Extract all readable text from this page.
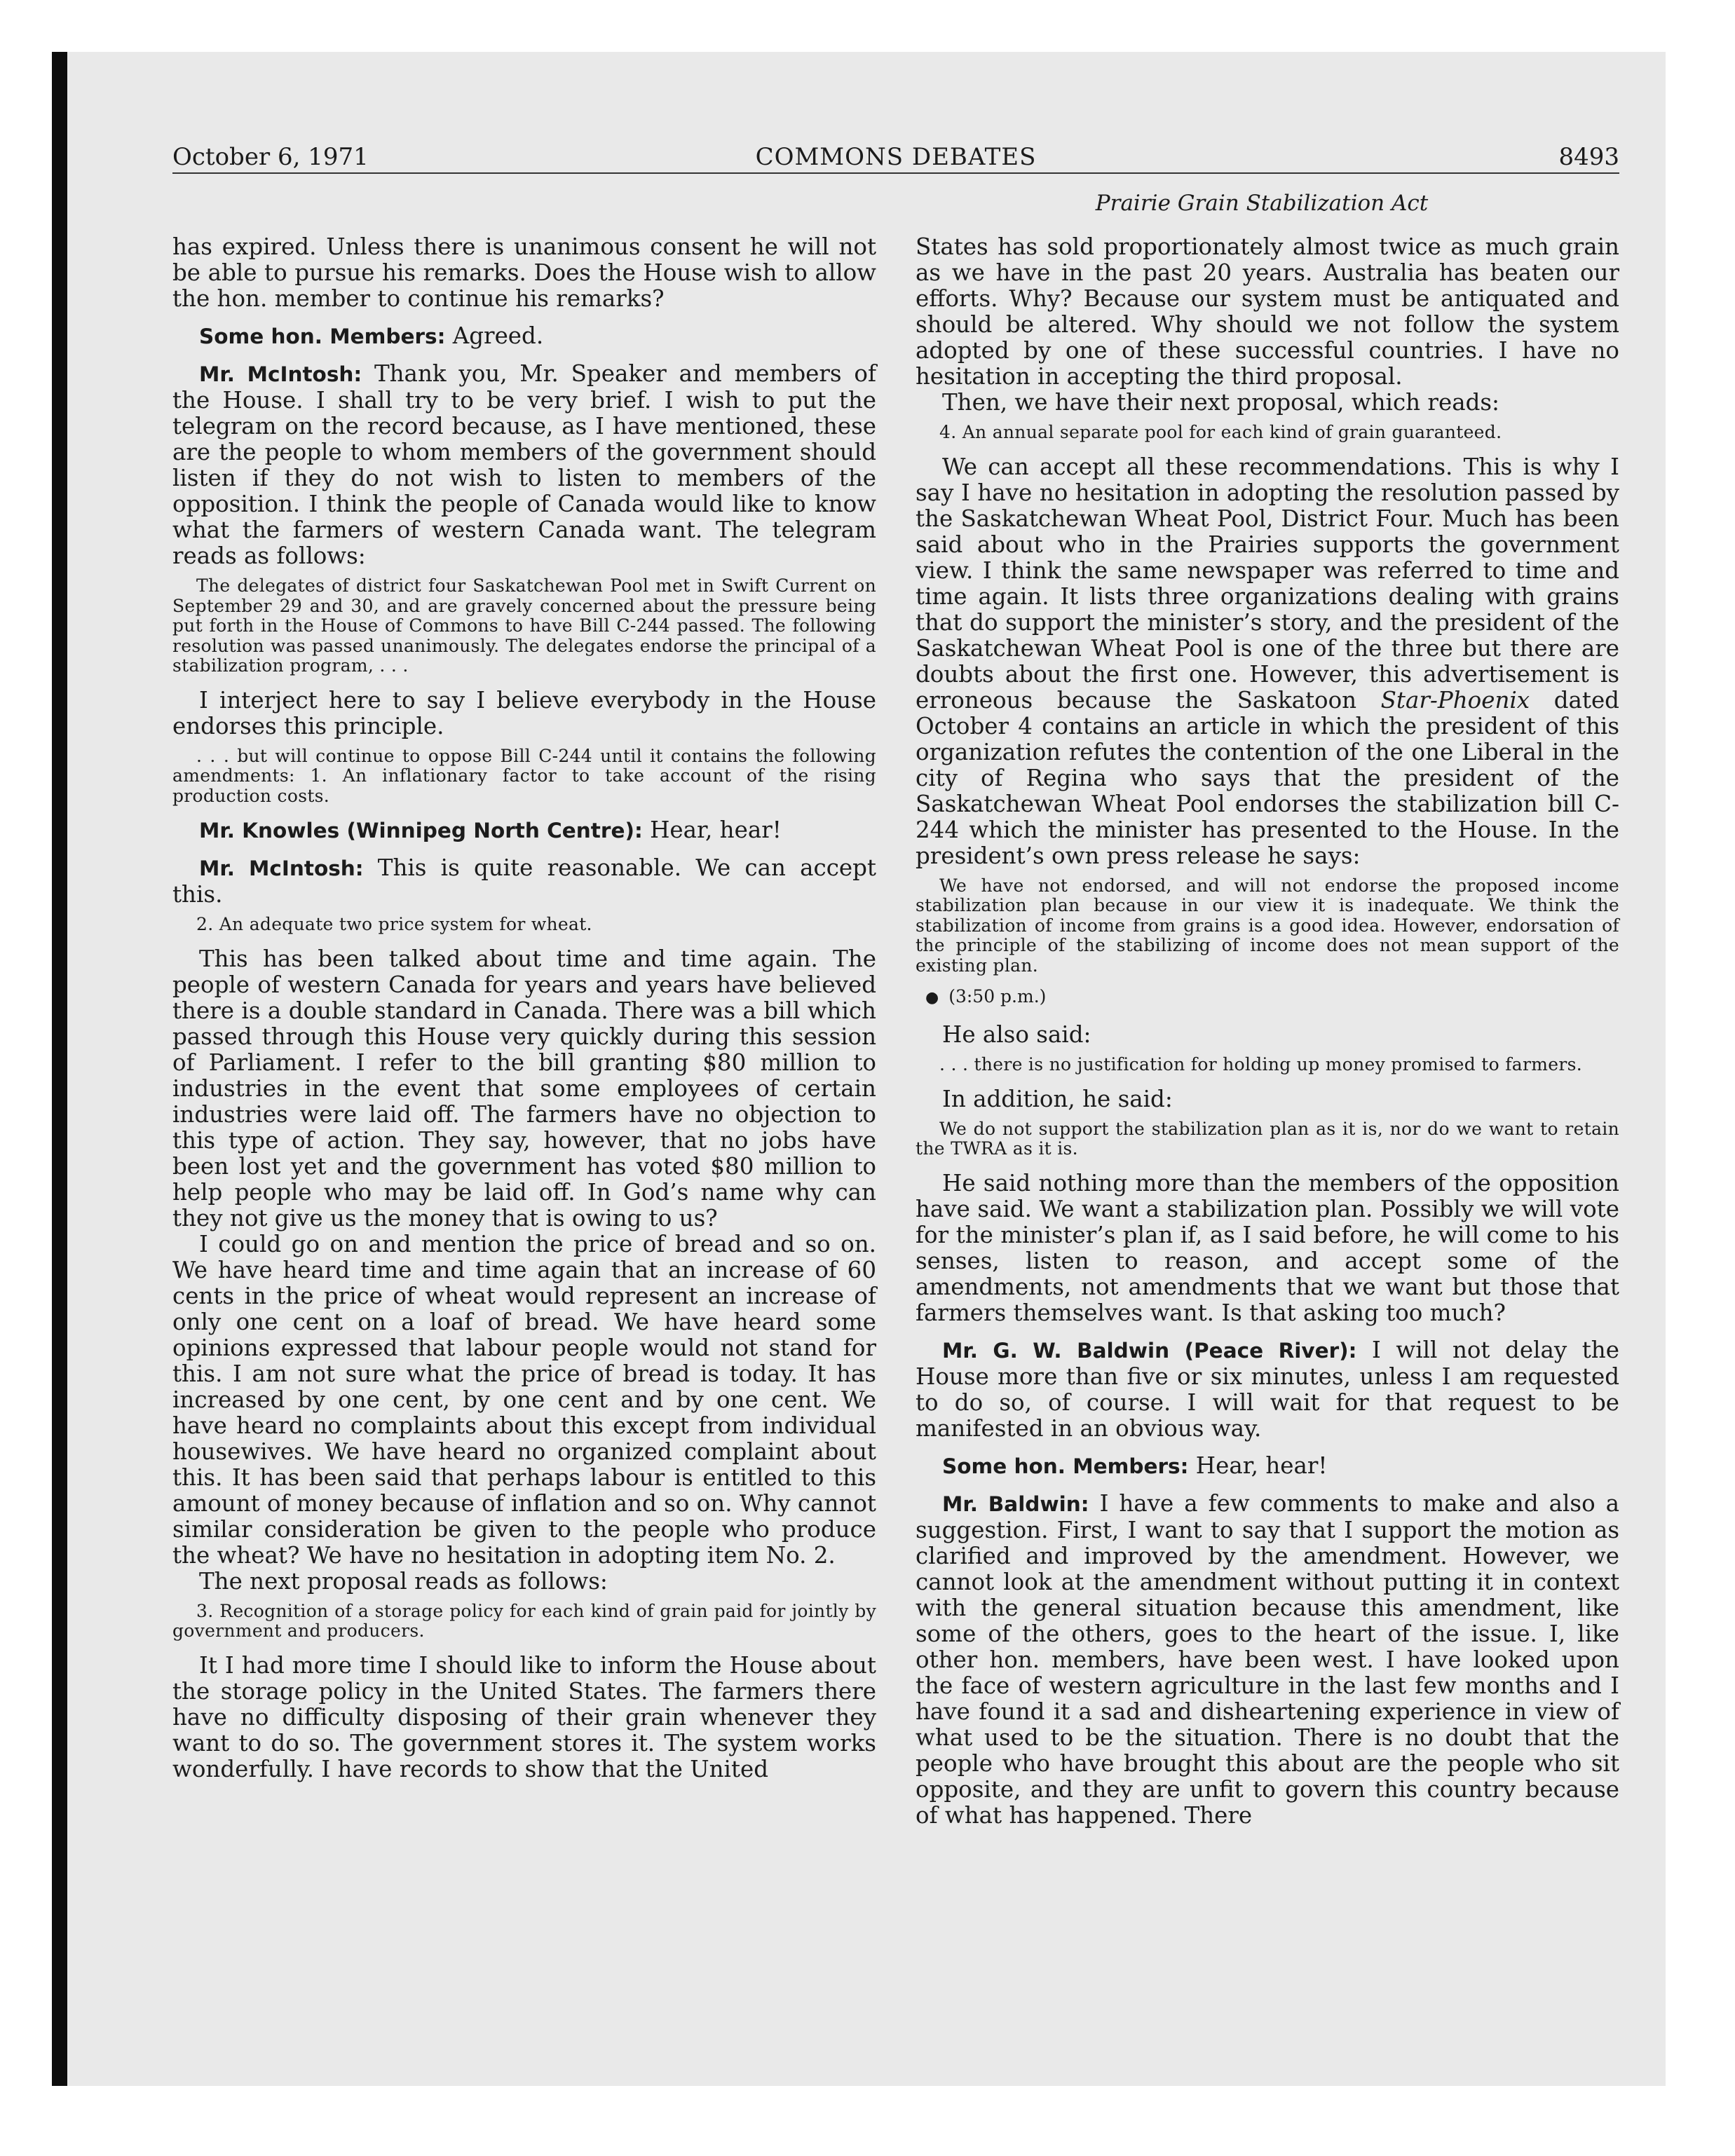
October 6, 1971	COMMONS DEBATES	8493
Prairie Grain Stabilization Act

has expired. Unless there is unanimous consent he will not be able to pursue his remarks. Does the House wish to allow the hon. member to continue his remarks?

Some hon. Members: Agreed.

Mr. McIntosh: Thank you, Mr. Speaker and members of the House. I shall try to be very brief. I wish to put the telegram on the record because, as I have mentioned, these are the people to whom members of the government should listen if they do not wish to listen to members of the opposition. I think the people of Canada would like to know what the farmers of western Canada want. The telegram reads as follows:

The delegates of district four Saskatchewan Pool met in Swift Current on September 29 and 30, and are gravely concerned about the pressure being put forth in the House of Commons to have Bill C-244 passed. The following resolution was passed unanimously. The delegates endorse the principal of a stabilization program, . . .

I interject here to say I believe everybody in the House endorses this principle.

. . . but will continue to oppose Bill C-244 until it contains the following amendments: 1. An inflationary factor to take account of the rising production costs.

Mr. Knowles (Winnipeg North Centre): Hear, hear!

Mr. McIntosh: This is quite reasonable. We can accept this.

2. An adequate two price system for wheat.

This has been talked about time and time again. The people of western Canada for years and years have believed there is a double standard in Canada. There was a bill which passed through this House very quickly during this session of Parliament. I refer to the bill granting $80 million to industries in the event that some employees of certain industries were laid off. The farmers have no objection to this type of action. They say, however, that no jobs have been lost yet and the government has voted $80 million to help people who may be laid off. In God’s name why can they not give us the money that is owing to us?

I could go on and mention the price of bread and so on. We have heard time and time again that an increase of 60 cents in the price of wheat would represent an increase of only one cent on a loaf of bread. We have heard some opinions expressed that labour people would not stand for this. I am not sure what the price of bread is today. It has increased by one cent, by one cent and by one cent. We have heard no complaints about this except from individual housewives. We have heard no organized complaint about this. It has been said that perhaps labour is entitled to this amount of money because of inflation and so on. Why cannot similar consideration be given to the people who produce the wheat? We have no hesitation in adopting item No. 2.

The next proposal reads as follows:

3. Recognition of a storage policy for each kind of grain paid for jointly by government and producers.

It I had more time I should like to inform the House about the storage policy in the United States. The farmers there have no difficulty disposing of their grain whenever they want to do so. The government stores it. The system works wonderfully. I have records to show that the United

States has sold proportionately almost twice as much grain as we have in the past 20 years. Australia has beaten our efforts. Why? Because our system must be antiquated and should be altered. Why should we not follow the system adopted by one of these successful countries. I have no hesitation in accepting the third proposal.

Then, we have their next proposal, which reads:

4. An annual separate pool for each kind of grain guaranteed.

We can accept all these recommendations. This is why I say I have no hesitation in adopting the resolution passed by the Saskatchewan Wheat Pool, District Four. Much has been said about who in the Prairies supports the government view. I think the same newspaper was referred to time and time again. It lists three organizations dealing with grains that do support the minister’s story, and the president of the Saskatchewan Wheat Pool is one of the three but there are doubts about the first one. However, this advertisement is erroneous because the Saskatoon Star-Phoenix dated October 4 contains an article in which the president of this organization refutes the contention of the one Liberal in the city of Regina who says that the president of the Saskatchewan Wheat Pool endorses the stabilization bill C-244 which the minister has presented to the House. In the president’s own press release he says:

We have not endorsed, and will not endorse the proposed income stabilization plan because in our view it is inadequate. We think the stabilization of income from grains is a good idea. However, endorsation of the principle of the stabilizing of income does not mean support of the existing plan.
● (3:50 p.m.)

He also said:

. . . there is no justification for holding up money promised to farmers.

In addition, he said:

We do not support the stabilization plan as it is, nor do we want to retain the TWRA as it is.

He said nothing more than the members of the opposition have said. We want a stabilization plan. Possibly we will vote for the minister’s plan if, as I said before, he will come to his senses, listen to reason, and accept some of the amendments, not amendments that we want but those that farmers themselves want. Is that asking too much?

Mr. G. W. Baldwin (Peace River): I will not delay the House more than five or six minutes, unless I am requested to do so, of course. I will wait for that request to be manifested in an obvious way.

Some hon. Members: Hear, hear!

Mr. Baldwin: I have a few comments to make and also a suggestion. First, I want to say that I support the motion as clarified and improved by the amendment. However, we cannot look at the amendment without putting it in context with the general situation because this amendment, like some of the others, goes to the heart of the issue. I, like other hon. members, have been west. I have looked upon the face of western agriculture in the last few months and I have found it a sad and disheartening experience in view of what used to be the situation. There is no doubt that the people who have brought this about are the people who sit opposite, and they are unfit to govern this country because of what has happened. There
